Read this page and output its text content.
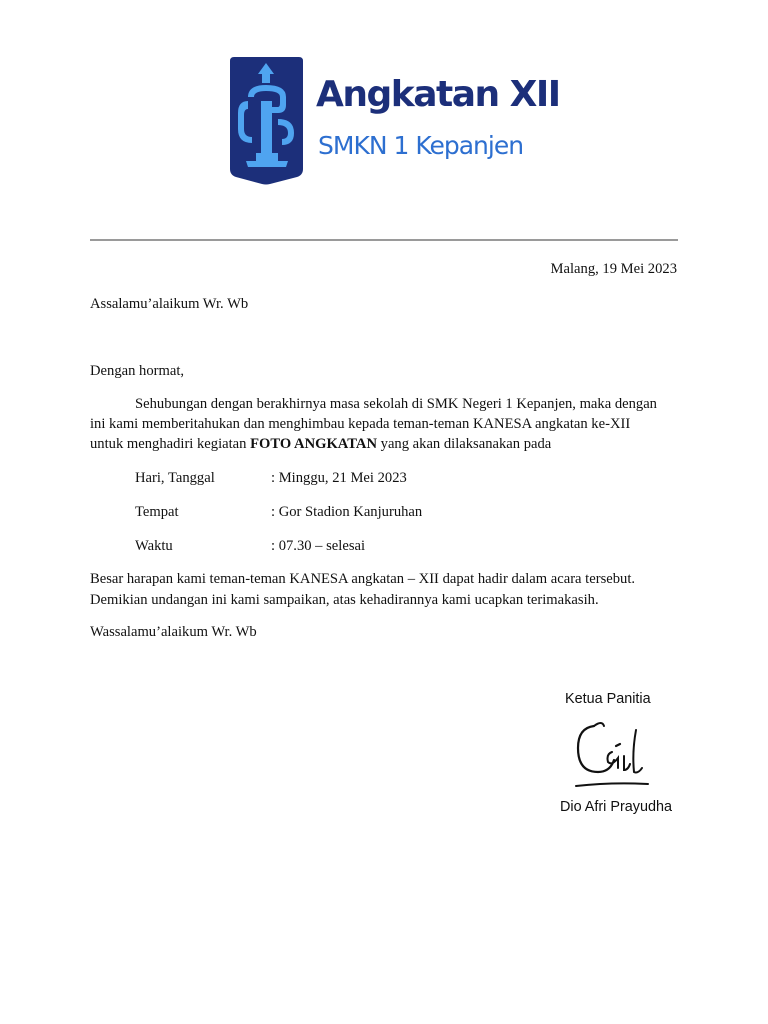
Angkatan XII

SMKN 1 Kepanjen

Malang, 19 Mei 2023
Assalamu’alaikum Wr. Wb
Dengan hormat,
Sehubungan dengan berakhirnya masa sekolah di SMK Negeri 1 Kepanjen, maka dengan
ini kami memberitahukan dan menghimbau kepada teman-teman KANESA angkatan ke-XII
untuk menghadiri kegiatan FOTO ANGKATAN yang akan dilaksanakan pada
Hari, Tanggal	: Minggu, 21 Mei 2023
Tempat	: Gor Stadion Kanjuruhan
Waktu	: 07.30 – selesai
Besar harapan kami teman-teman KANESA angkatan – XII dapat hadir dalam acara tersebut.
Demikian undangan ini kami sampaikan, atas kehadirannya kami ucapkan terimakasih.
Wassalamu’alaikum Wr. Wb
Ketua Panitia
Dio Afri Prayudha
